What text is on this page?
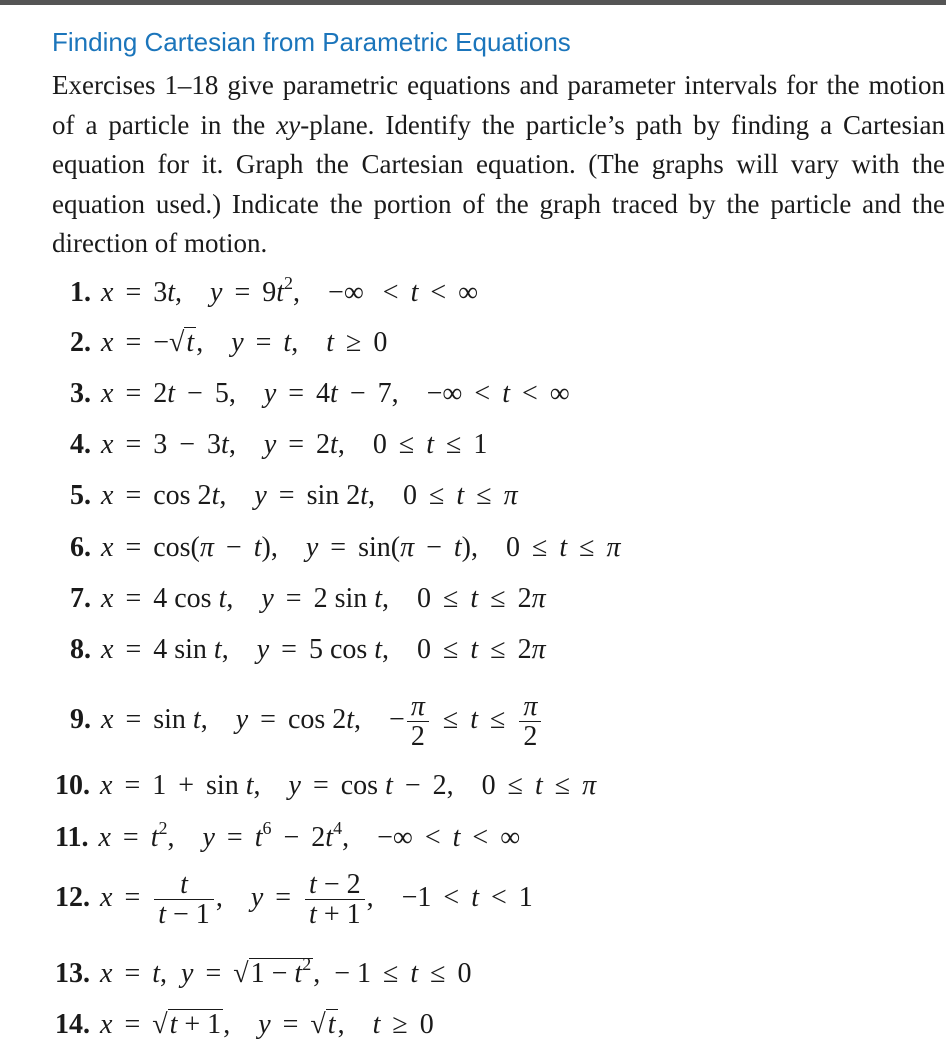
Finding Cartesian from Parametric Equations
Exercises 1–18 give parametric equations and parameter intervals for the motion of a particle in the xy-plane. Identify the particle’s path by finding a Cartesian equation for it. Graph the Cartesian equation. (The graphs will vary with the equation used.) Indicate the portion of the graph traced by the particle and the direction of motion.
1. x = 3t, $y = 9t^2$, −∞ < t < ∞
2. x = −√t, y = t, t ≥ 0
3. x = 2t − 5, y = 4t − 7, −∞ < t < ∞
4. x = 3 − 3t, y = 2t, 0 ≤ t ≤ 1
5. x = cos 2t, y = sin 2t, 0 ≤ t ≤ π
6. x = cos(π − t), y = sin(π − t), 0 ≤ t ≤ π
7. x = 4 cos t, y = 2 sin t, 0 ≤ t ≤ 2π
8. x = 4 sin t, y = 5 cos t, 0 ≤ t ≤ 2π
9. x = sin t, y = cos 2t, − $\frac{\pi}{2} \le t \le \frac{\pi}{2}$
10. x = 1 + sin t, y = cos t − 2, 0 ≤ t ≤ π
11. $x = t^2$, $y = t^6 - 2t^4$, −∞ < t < ∞
12. $x = \frac{t}{t - 1}$ , $y = \frac{t - 2}{t + 1}$ , −1 < t < 1
13. x = t, $y = √1 - t^2$, − 1 ≤ t ≤ 0
14. x = √t + 1, y = √t, t ≥ 0
